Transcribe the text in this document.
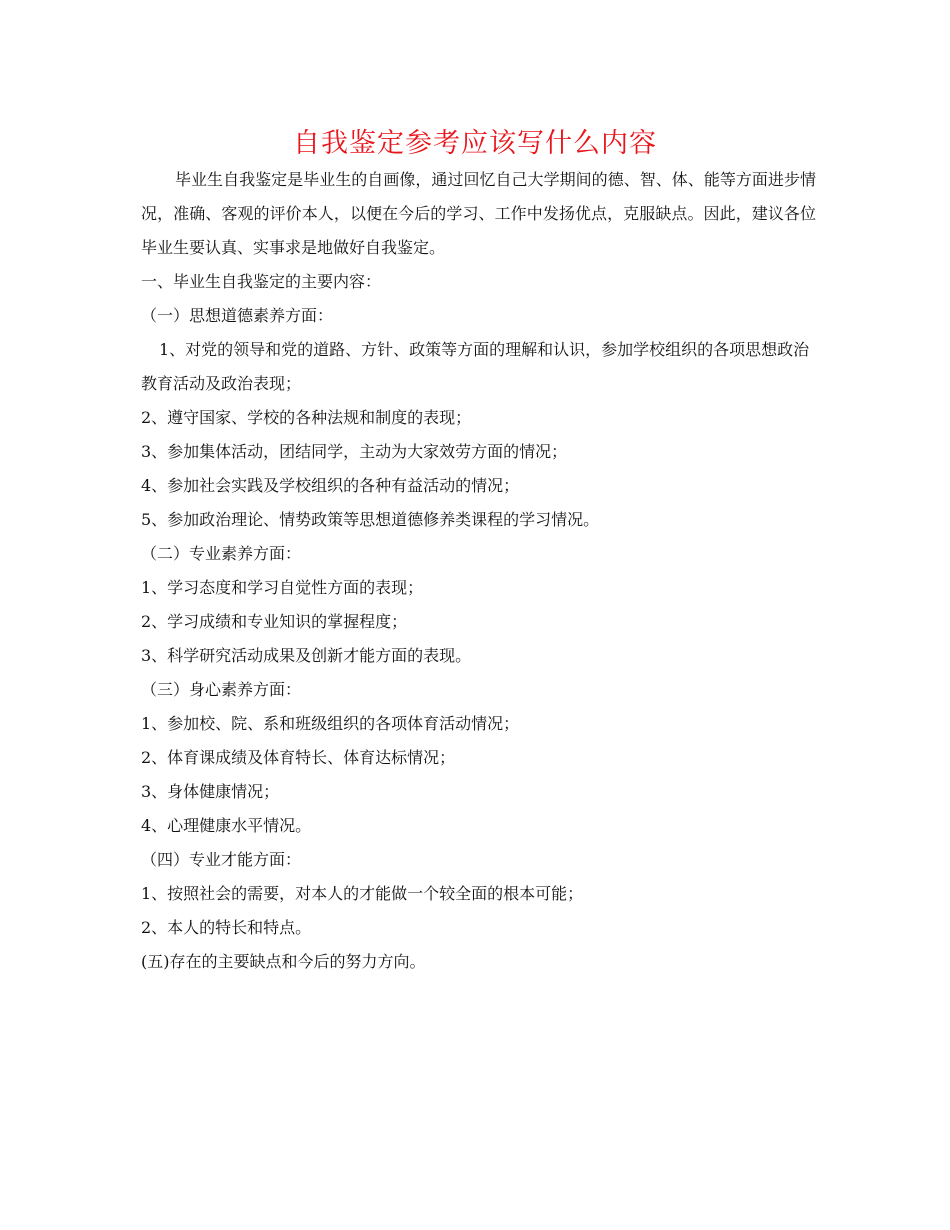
自我鉴定参考应该写什么内容

毕业生自我鉴定是毕业生的自画像，通过回忆自己大学期间的德、智、体、能等方面进步情况，准确、客观的评价本人，以便在今后的学习、工作中发扬优点，克服缺点。因此，建议各位毕业生要认真、实事求是地做好自我鉴定。

一、毕业生自我鉴定的主要内容：

（一）思想道德素养方面：

1、对党的领导和党的道路、方针、政策等方面的理解和认识，参加学校组织的各项思想政治教育活动及政治表现；

2、遵守国家、学校的各种法规和制度的表现；

3、参加集体活动，团结同学，主动为大家效劳方面的情况；

4、参加社会实践及学校组织的各种有益活动的情况；

5、参加政治理论、情势政策等思想道德修养类课程的学习情况。

（二）专业素养方面：

1、学习态度和学习自觉性方面的表现；

2、学习成绩和专业知识的掌握程度；

3、科学研究活动成果及创新才能方面的表现。

（三）身心素养方面：

1、参加校、院、系和班级组织的各项体育活动情况；

2、体育课成绩及体育特长、体育达标情况；

3、身体健康情况；

4、心理健康水平情况。

（四）专业才能方面：

1、按照社会的需要，对本人的才能做一个较全面的根本可能；

2、本人的特长和特点。

(五)存在的主要缺点和今后的努力方向。
